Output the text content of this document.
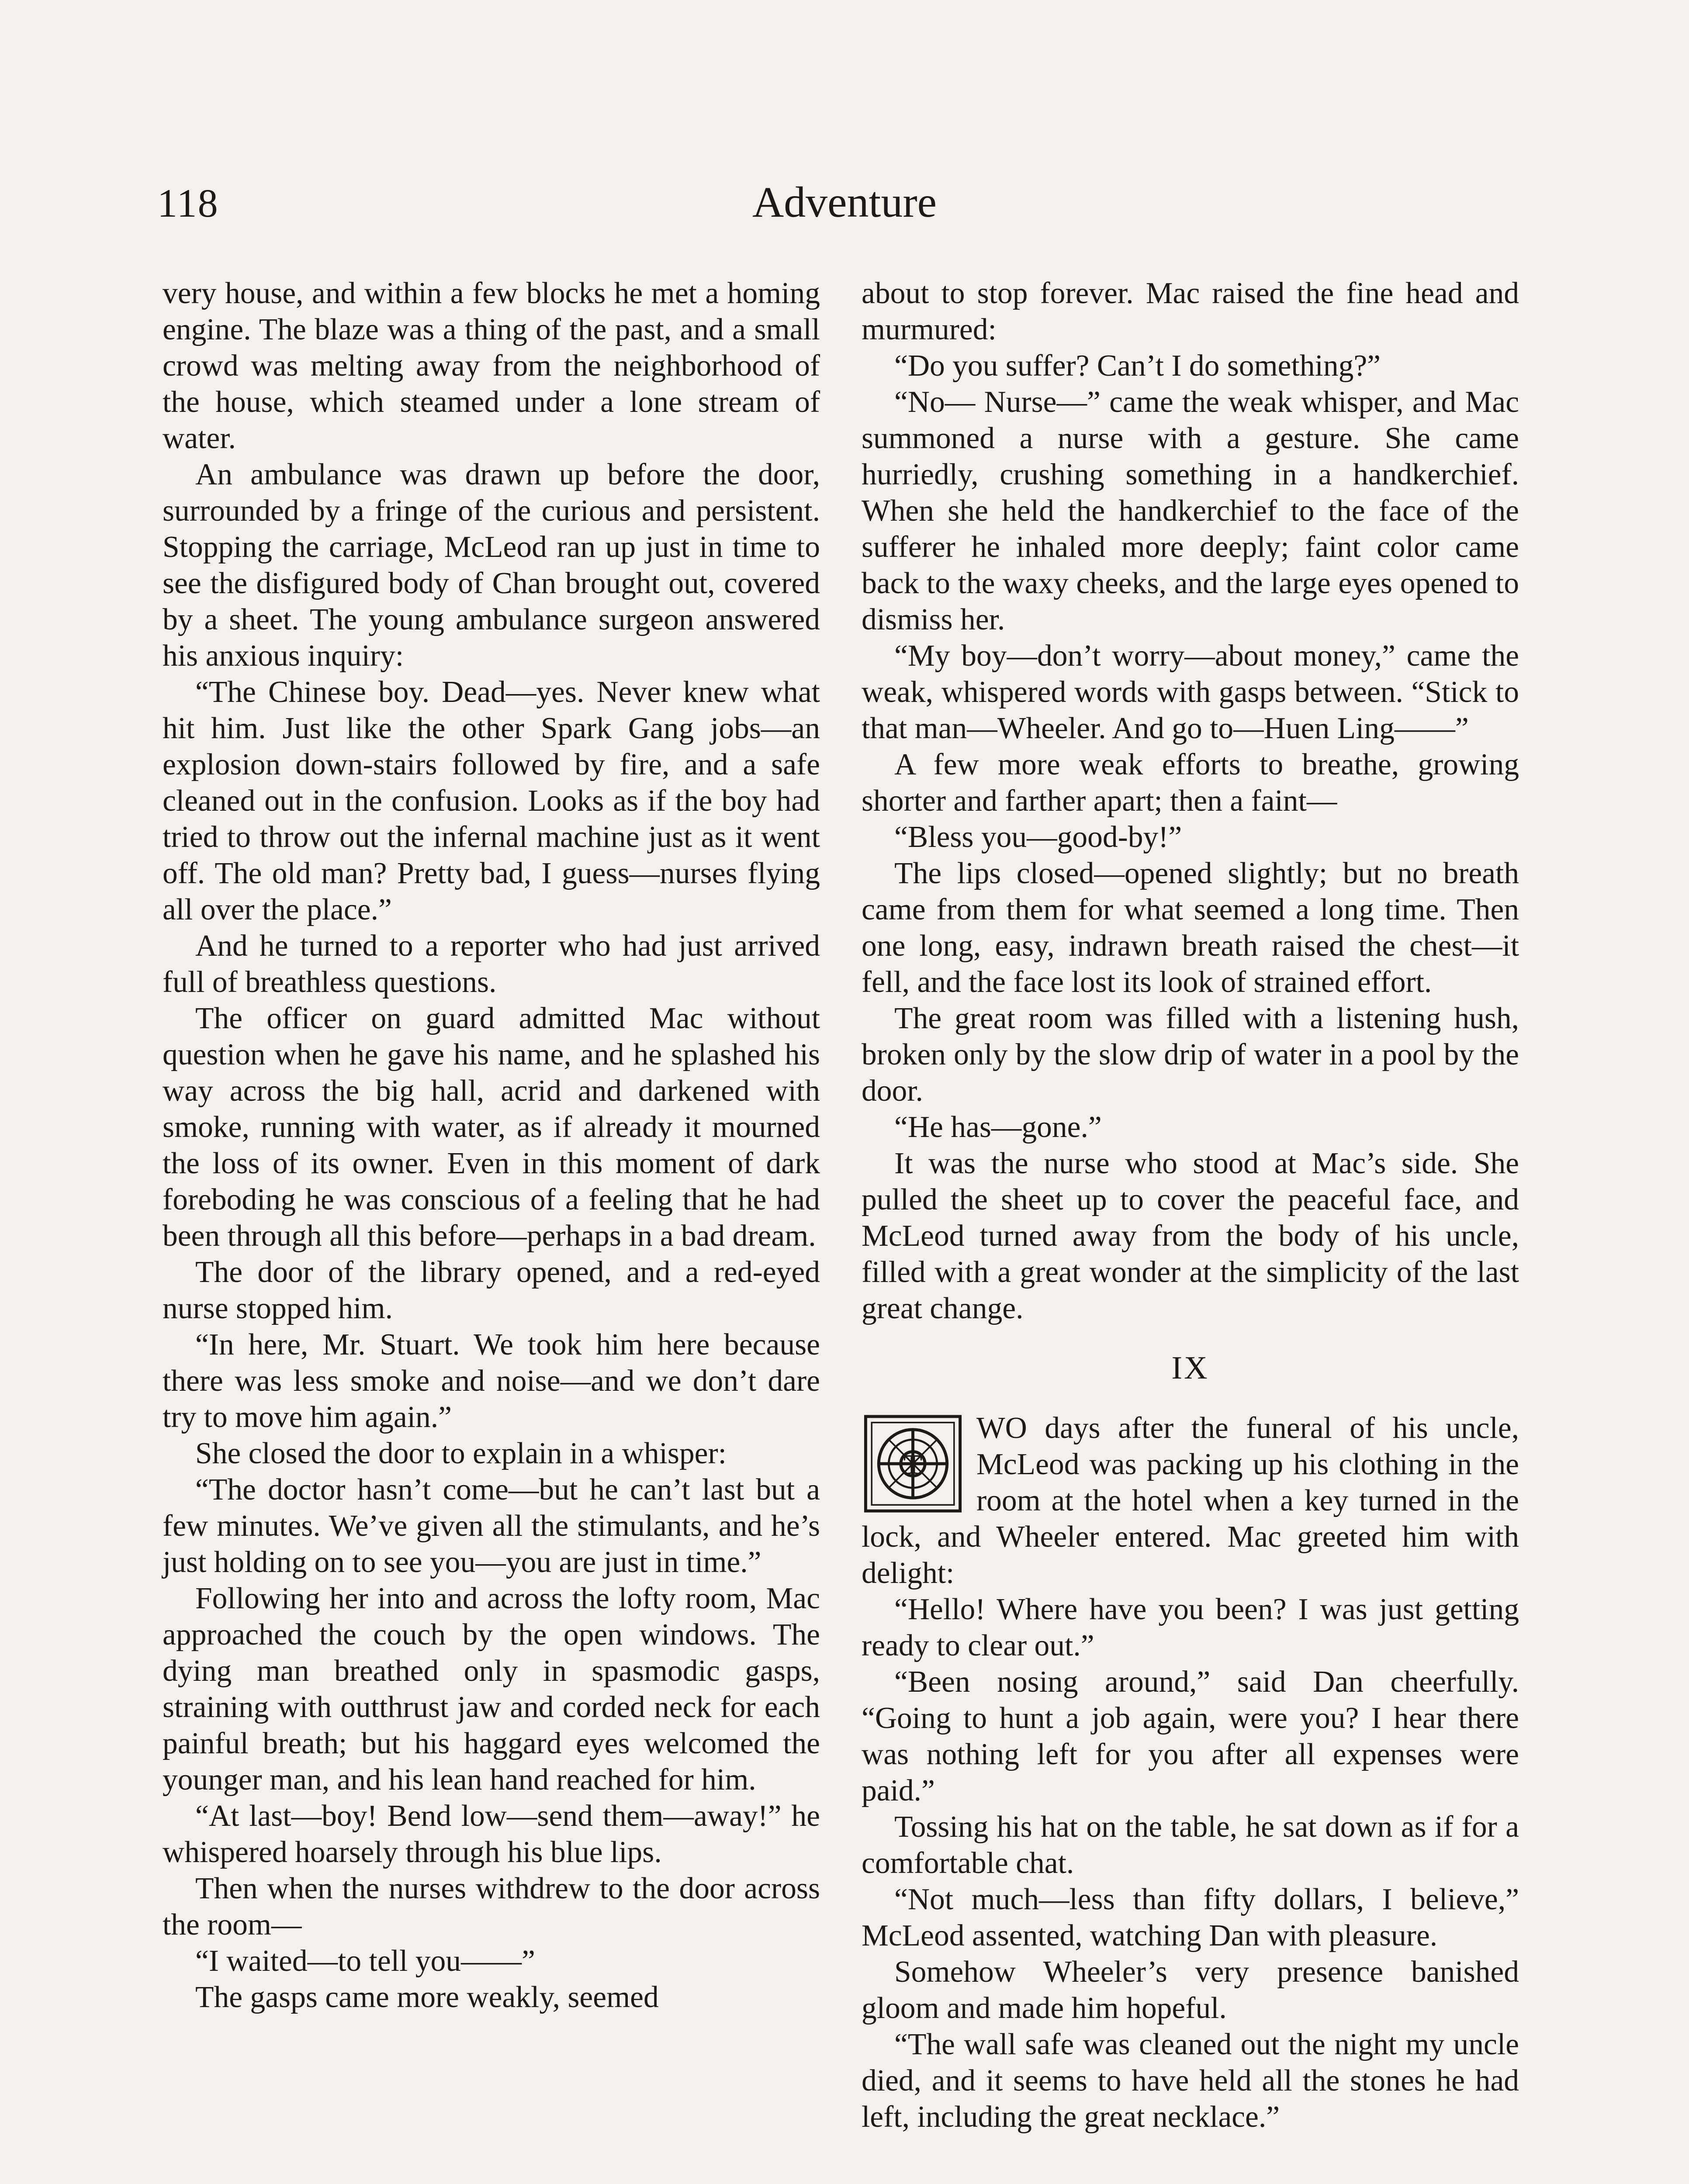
118	Adventure

very house, and within a few blocks he met a homing engine. The blaze was a thing of the past, and a small crowd was melting away from the neighborhood of the house, which steamed under a lone stream of water.

An ambulance was drawn up before the door, surrounded by a fringe of the curious and persistent. Stopping the carriage, McLeod ran up just in time to see the disfigured body of Chan brought out, covered by a sheet. The young ambulance surgeon answered his anxious inquiry:

“The Chinese boy. Dead—yes. Never knew what hit him. Just like the other Spark Gang jobs—an explosion down-stairs followed by fire, and a safe cleaned out in the confusion. Looks as if the boy had tried to throw out the infernal machine just as it went off. The old man? Pretty bad, I guess—nurses flying all over the place.”

And he turned to a reporter who had just arrived full of breathless questions.

The officer on guard admitted Mac without question when he gave his name, and he splashed his way across the big hall, acrid and darkened with smoke, running with water, as if already it mourned the loss of its owner. Even in this moment of dark foreboding he was conscious of a feeling that he had been through all this before—perhaps in a bad dream.

The door of the library opened, and a red-eyed nurse stopped him.

“In here, Mr. Stuart. We took him here because there was less smoke and noise—and we don’t dare try to move him again.”

She closed the door to explain in a whisper:

“The doctor hasn’t come—but he can’t last but a few minutes. We’ve given all the stimulants, and he’s just holding on to see you—you are just in time.”

Following her into and across the lofty room, Mac approached the couch by the open windows. The dying man breathed only in spasmodic gasps, straining with outthrust jaw and corded neck for each painful breath; but his haggard eyes welcomed the younger man, and his lean hand reached for him.

“At last—boy! Bend low—send them—away!” he whispered hoarsely through his blue lips.

Then when the nurses withdrew to the door across the room—

“I waited—to tell you——”

The gasps came more weakly, seemed

about to stop forever. Mac raised the fine head and murmured:

“Do you suffer? Can’t I do something?”

“No— Nurse—” came the weak whisper, and Mac summoned a nurse with a gesture. She came hurriedly, crushing something in a handkerchief. When she held the handkerchief to the face of the sufferer he inhaled more deeply; faint color came back to the waxy cheeks, and the large eyes opened to dismiss her.

“My boy—don’t worry—about money,” came the weak, whispered words with gasps between. “Stick to that man—Wheeler. And go to—Huen Ling——”

A few more weak efforts to breathe, growing shorter and farther apart; then a faint—

“Bless you—good-by!”

The lips closed—opened slightly; but no breath came from them for what seemed a long time. Then one long, easy, indrawn breath raised the chest—it fell, and the face lost its look of strained effort.

The great room was filled with a listening hush, broken only by the slow drip of water in a pool by the door.

“He has—gone.”

It was the nurse who stood at Mac’s side. She pulled the sheet up to cover the peaceful face, and McLeod turned away from the body of his uncle, filled with a great wonder at the simplicity of the last great change.

IX

T
WO days after the funeral of his uncle, McLeod was packing up his clothing in the room at the hotel when a key turned in the lock, and Wheeler entered. Mac greeted him with delight:

“Hello! Where have you been? I was just getting ready to clear out.”

“Been nosing around,” said Dan cheerfully. “Going to hunt a job again, were you? I hear there was nothing left for you after all expenses were paid.”

Tossing his hat on the table, he sat down as if for a comfortable chat.

“Not much—less than fifty dollars, I believe,” McLeod assented, watching Dan with pleasure.

Somehow Wheeler’s very presence banished gloom and made him hopeful.

“The wall safe was cleaned out the night my uncle died, and it seems to have held all the stones he had left, including the great necklace.”
